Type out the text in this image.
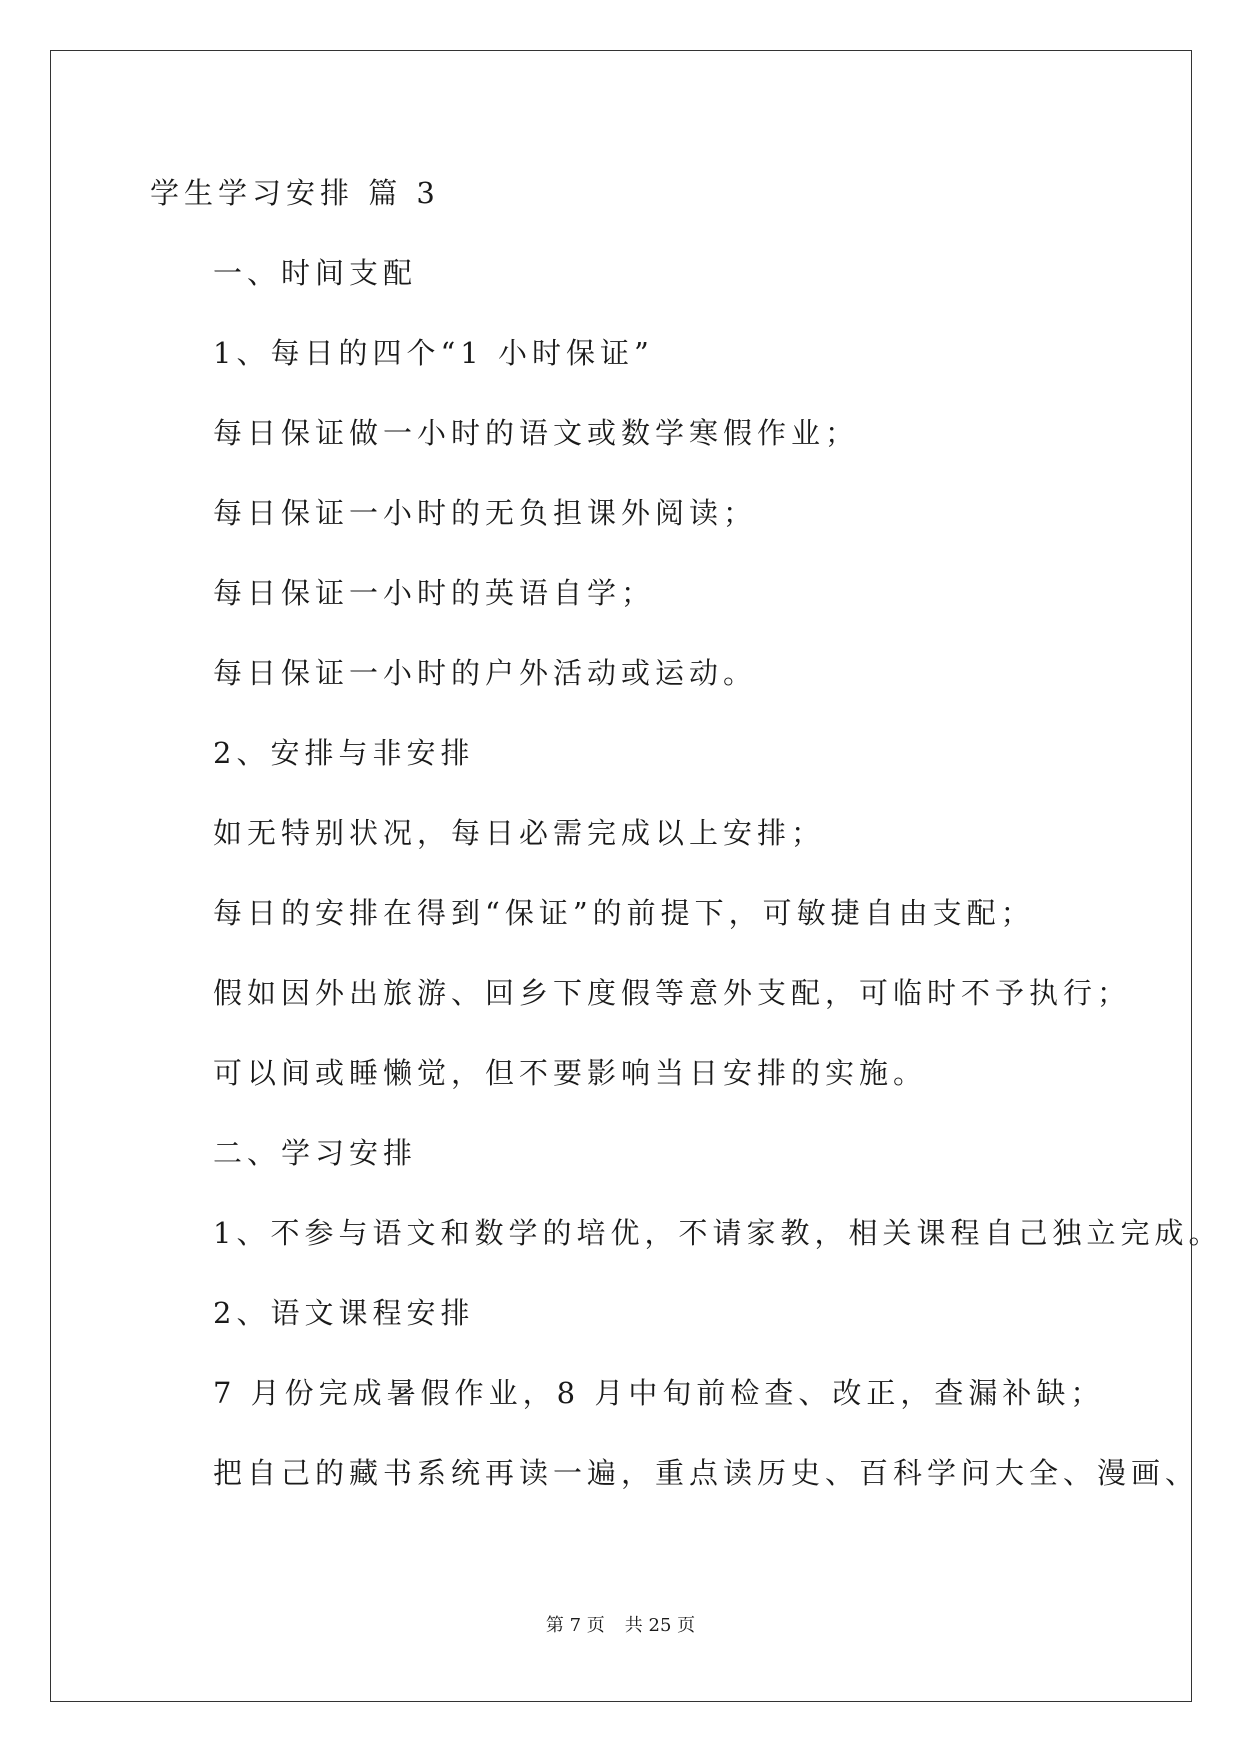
学生学习安排 篇 3

一、时间支配

1、每日的四个“1 小时保证”

每日保证做一小时的语文或数学寒假作业；

每日保证一小时的无负担课外阅读；

每日保证一小时的英语自学；

每日保证一小时的户外活动或运动。

2、安排与非安排

如无特别状况，每日必需完成以上安排；

每日的安排在得到“保证”的前提下，可敏捷自由支配；

假如因外出旅游、回乡下度假等意外支配，可临时不予执行；

可以间或睡懒觉，但不要影响当日安排的实施。

二、学习安排

1、不参与语文和数学的培优，不请家教，相关课程自己独立完成。

2、语文课程安排

7 月份完成暑假作业，8 月中旬前检查、改正，查漏补缺；

把自己的藏书系统再读一遍，重点读历史、百科学问大全、漫画、

第 7 页 共 25 页
